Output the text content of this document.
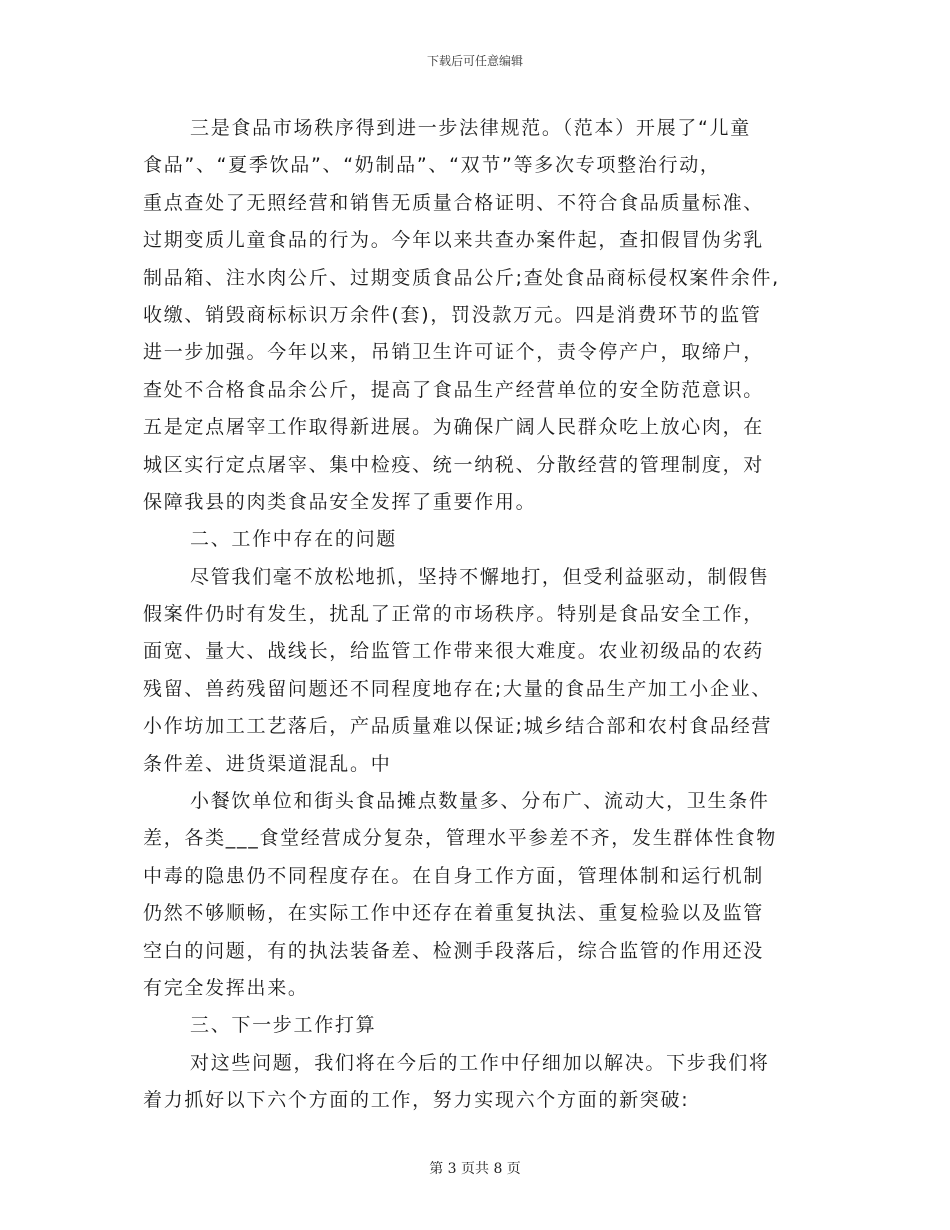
下载后可任意编辑
三是食品市场秩序得到进一步法律规范。（范本）开展了“儿童
食品”、“夏季饮品”、“奶制品”、“双节”等多次专项整治行动，
重点查处了无照经营和销售无质量合格证明、不符合食品质量标准、
过期变质儿童食品的行为。今年以来共查办案件起，查扣假冒伪劣乳
制品箱、注水肉公斤、过期变质食品公斤;查处食品商标侵权案件余件,
收缴、销毁商标标识万余件(套)，罚没款万元。四是消费环节的监管
进一步加强。今年以来，吊销卫生许可证个，责令停产户，取缔户，
查处不合格食品余公斤，提高了食品生产经营单位的安全防范意识。
五是定点屠宰工作取得新进展。为确保广阔人民群众吃上放心肉，在
城区实行定点屠宰、集中检疫、统一纳税、分散经营的管理制度，对
保障我县的肉类食品安全发挥了重要作用。
二、工作中存在的问题
尽管我们毫不放松地抓，坚持不懈地打，但受利益驱动，制假售
假案件仍时有发生，扰乱了正常的市场秩序。特别是食品安全工作，
面宽、量大、战线长，给监管工作带来很大难度。农业初级品的农药
残留、兽药残留问题还不同程度地存在;大量的食品生产加工小企业、
小作坊加工工艺落后，产品质量难以保证;城乡结合部和农村食品经营
条件差、进货渠道混乱。中
小餐饮单位和街头食品摊点数量多、分布广、流动大，卫生条件
差，各类___食堂经营成分复杂，管理水平参差不齐，发生群体性食物
中毒的隐患仍不同程度存在。在自身工作方面，管理体制和运行机制
仍然不够顺畅，在实际工作中还存在着重复执法、重复检验以及监管
空白的问题，有的执法装备差、检测手段落后，综合监管的作用还没
有完全发挥出来。
三、下一步工作打算
对这些问题，我们将在今后的工作中仔细加以解决。下步我们将
着力抓好以下六个方面的工作，努力实现六个方面的新突破:
第 3 页共 8 页
